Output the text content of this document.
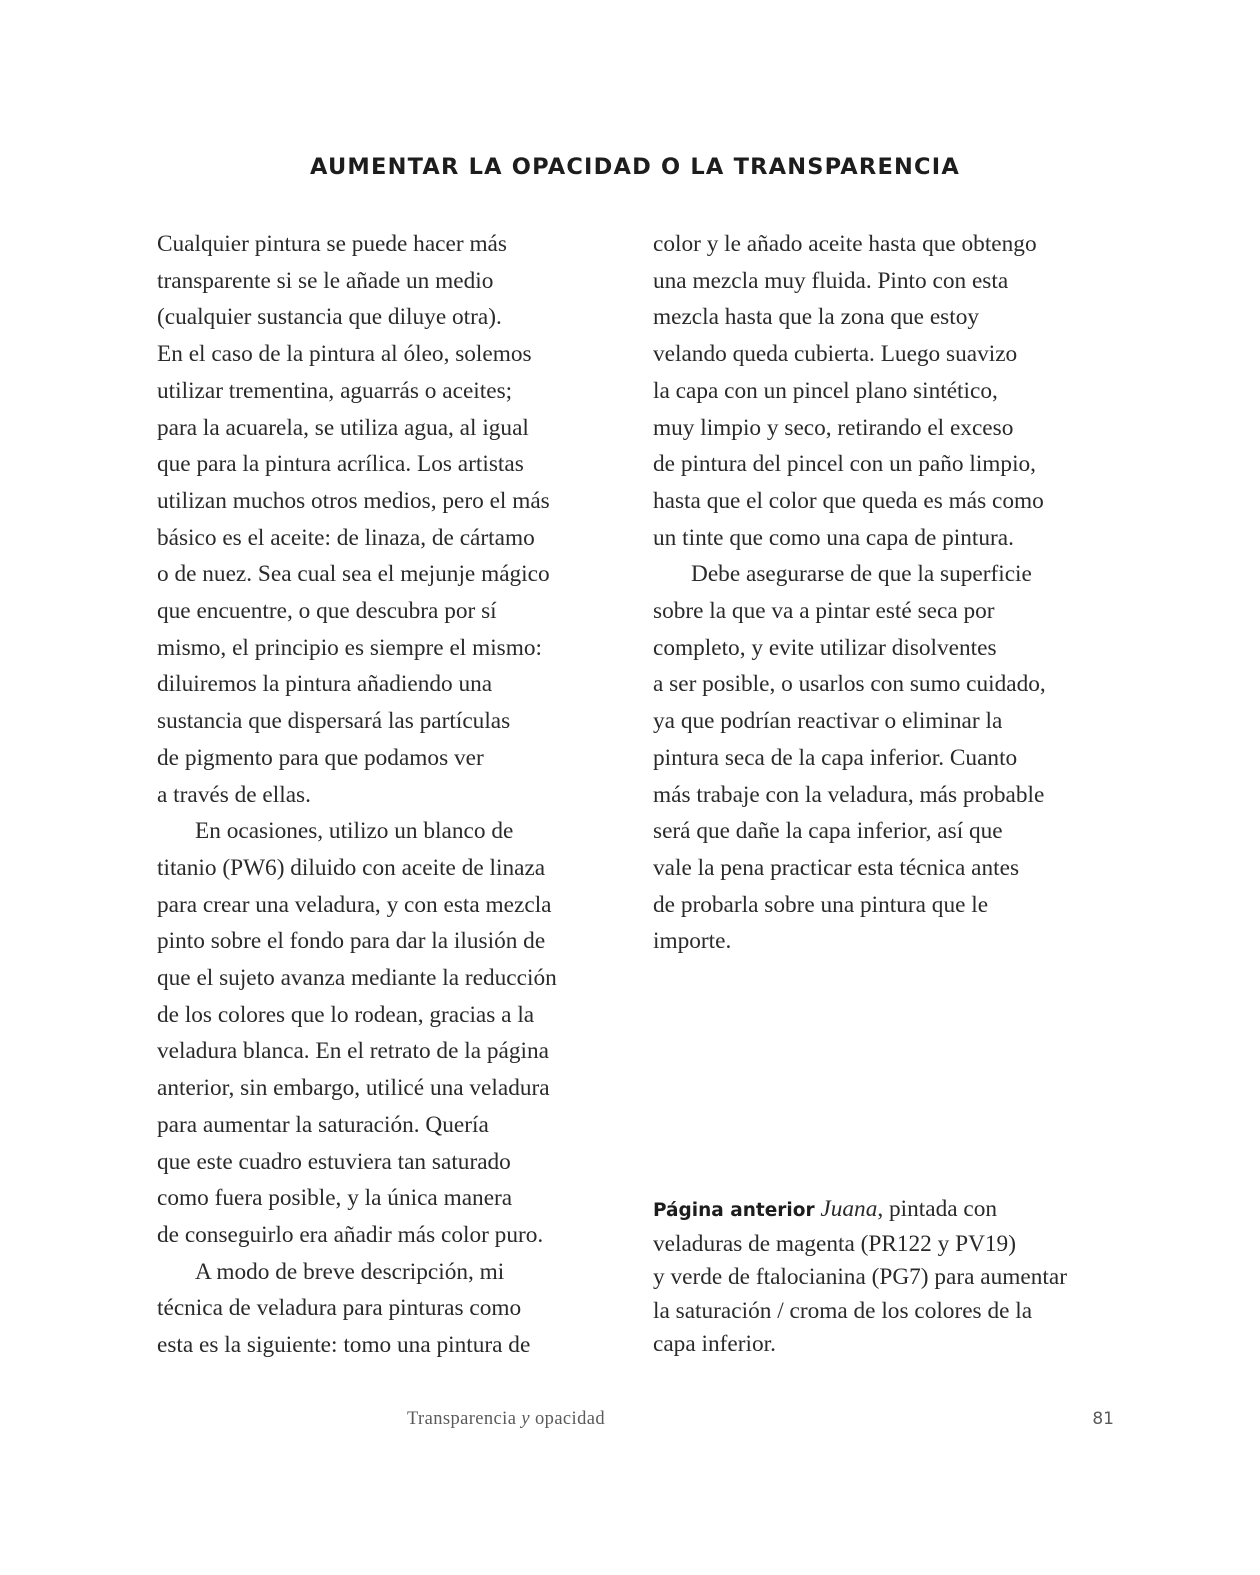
AUMENTAR LA OPACIDAD O LA TRANSPARENCIA

Cualquier pintura se puede hacer más
transparente si se le añade un medio
(cualquier sustancia que diluye otra).
En el caso de la pintura al óleo, solemos
utilizar trementina, aguarrás o aceites;
para la acuarela, se utiliza agua, al igual
que para la pintura acrílica. Los artistas
utilizan muchos otros medios, pero el más
básico es el aceite: de linaza, de cártamo
o de nuez. Sea cual sea el mejunje mágico
que encuentre, o que descubra por sí
mismo, el principio es siempre el mismo:
diluiremos la pintura añadiendo una
sustancia que dispersará las partículas
de pigmento para que podamos ver
a través de ellas.

En ocasiones, utilizo un blanco de
titanio (PW6) diluido con aceite de linaza
para crear una veladura, y con esta mezcla
pinto sobre el fondo para dar la ilusión de
que el sujeto avanza mediante la reducción
de los colores que lo rodean, gracias a la
veladura blanca. En el retrato de la página
anterior, sin embargo, utilicé una veladura
para aumentar la saturación. Quería
que este cuadro estuviera tan saturado
como fuera posible, y la única manera
de conseguirlo era añadir más color puro.

A modo de breve descripción, mi
técnica de veladura para pinturas como
esta es la siguiente: tomo una pintura de

color y le añado aceite hasta que obtengo
una mezcla muy fluida. Pinto con esta
mezcla hasta que la zona que estoy
velando queda cubierta. Luego suavizo
la capa con un pincel plano sintético,
muy limpio y seco, retirando el exceso
de pintura del pincel con un paño limpio,
hasta que el color que queda es más como
un tinte que como una capa de pintura.

Debe asegurarse de que la superficie
sobre la que va a pintar esté seca por
completo, y evite utilizar disolventes
a ser posible, o usarlos con sumo cuidado,
ya que podrían reactivar o eliminar la
pintura seca de la capa inferior. Cuanto
más trabaje con la veladura, más probable
será que dañe la capa inferior, así que
vale la pena practicar esta técnica antes
de probarla sobre una pintura que le
importe.

Página anterior Juana, pintada con
veladuras de magenta (PR122 y PV19)
y verde de ftalocianina (PG7) para aumentar
la saturación / croma de los colores de la
capa inferior.
Transparencia y opacidad	81
